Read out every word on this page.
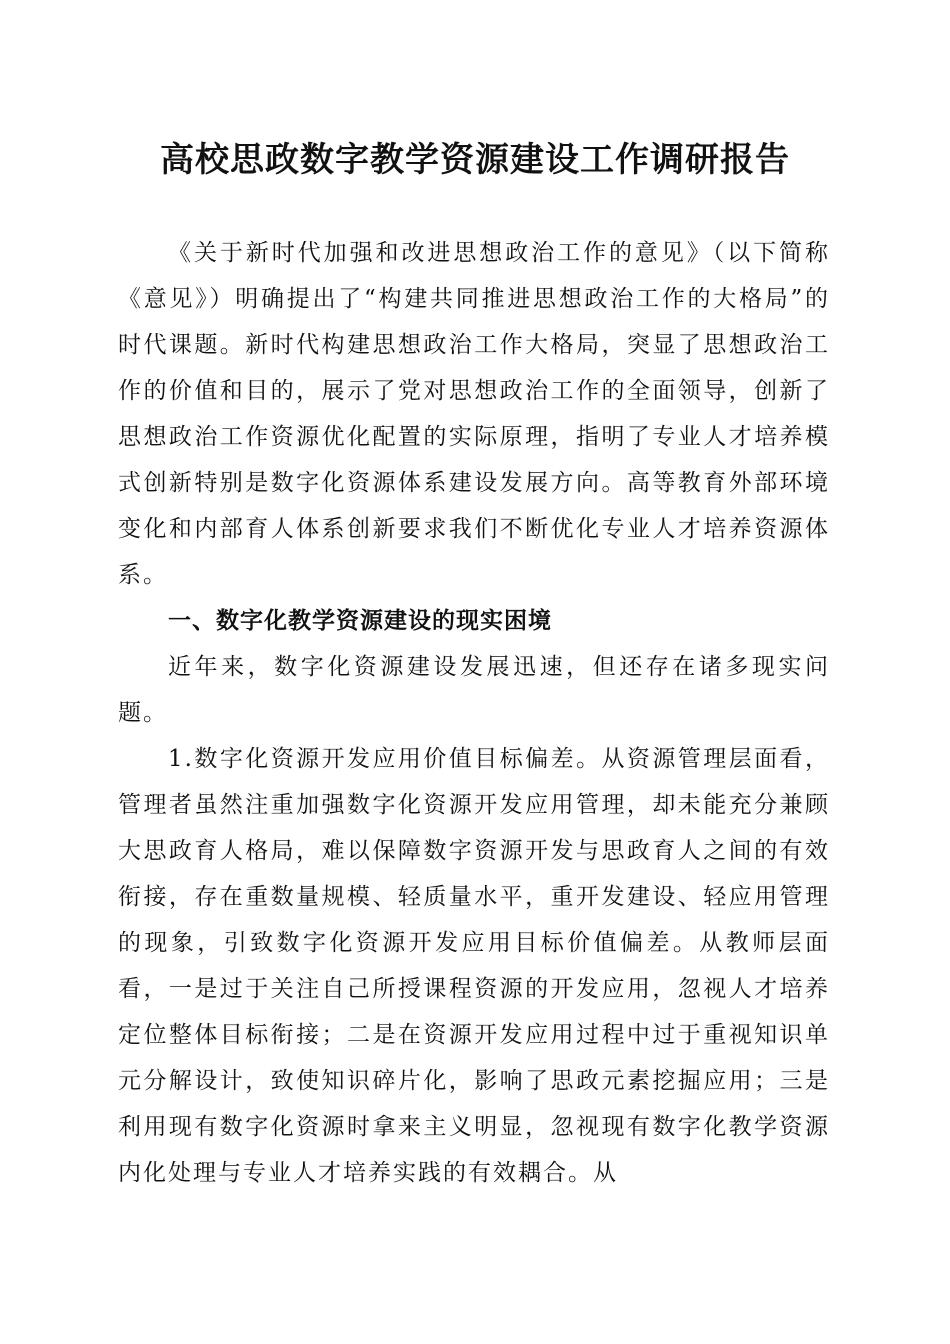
高校思政数字教学资源建设工作调研报告

《关于新时代加强和改进思想政治工作的意见》（以下简称《意见》）明确提出了“构建共同推进思想政治工作的大格局”的时代课题。新时代构建思想政治工作大格局，突显了思想政治工作的价值和目的，展示了党对思想政治工作的全面领导，创新了思想政治工作资源优化配置的实际原理，指明了专业人才培养模式创新特别是数字化资源体系建设发展方向。高等教育外部环境变化和内部育人体系创新要求我们不断优化专业人才培养资源体系。

一、数字化教学资源建设的现实困境

近年来，数字化资源建设发展迅速，但还存在诸多现实问题。

1.数字化资源开发应用价值目标偏差。从资源管理层面看，管理者虽然注重加强数字化资源开发应用管理，却未能充分兼顾大思政育人格局，难以保障数字资源开发与思政育人之间的有效衔接，存在重数量规模、轻质量水平，重开发建设、轻应用管理的现象，引致数字化资源开发应用目标价值偏差。从教师层面看，一是过于关注自己所授课程资源的开发应用，忽视人才培养定位整体目标衔接；二是在资源开发应用过程中过于重视知识单元分解设计，致使知识碎片化，影响了思政元素挖掘应用；三是利用现有数字化资源时拿来主义明显，忽视现有数字化教学资源内化处理与专业人才培养实践的有效耦合。从
